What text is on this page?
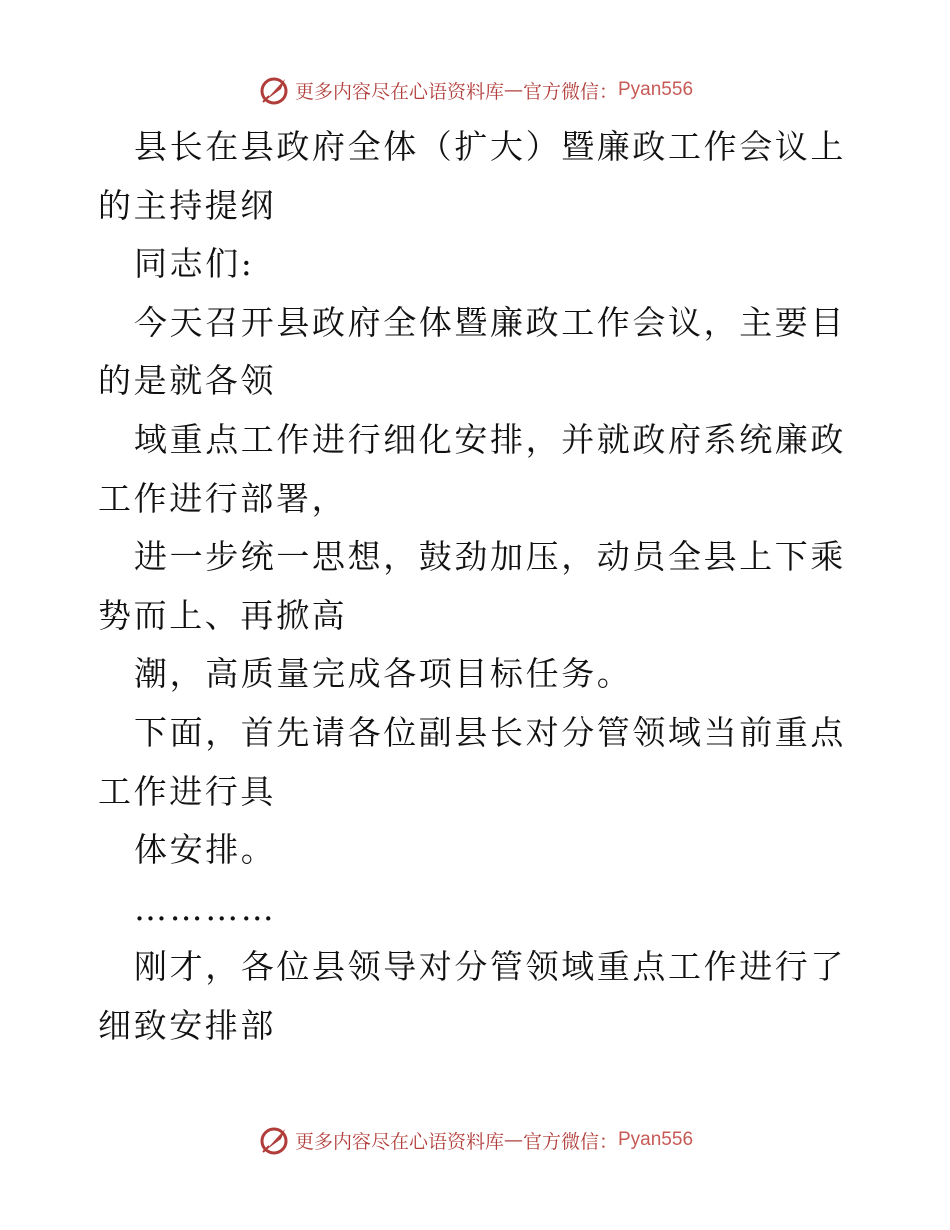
更多内容尽在心语资料库 — 官方微信： Pyan556

县长在县政府全体（扩大）暨廉政工作会议上的主持提纲

同志们:

今天召开县政府全体暨廉政工作会议，主要目的是就各领

域重点工作进行细化安排，并就政府系统廉政工作进行部署，

进一步统一思想，鼓劲加压，动员全县上下乘势而上、再掀高

潮，高质量完成各项目标任务。

下面，首先请各位副县长对分管领域当前重点工作进行具

体安排。

…………

刚才，各位县领导对分管领域重点工作进行了细致安排部

更多内容尽在心语资料库 — 官方微信： Pyan556
